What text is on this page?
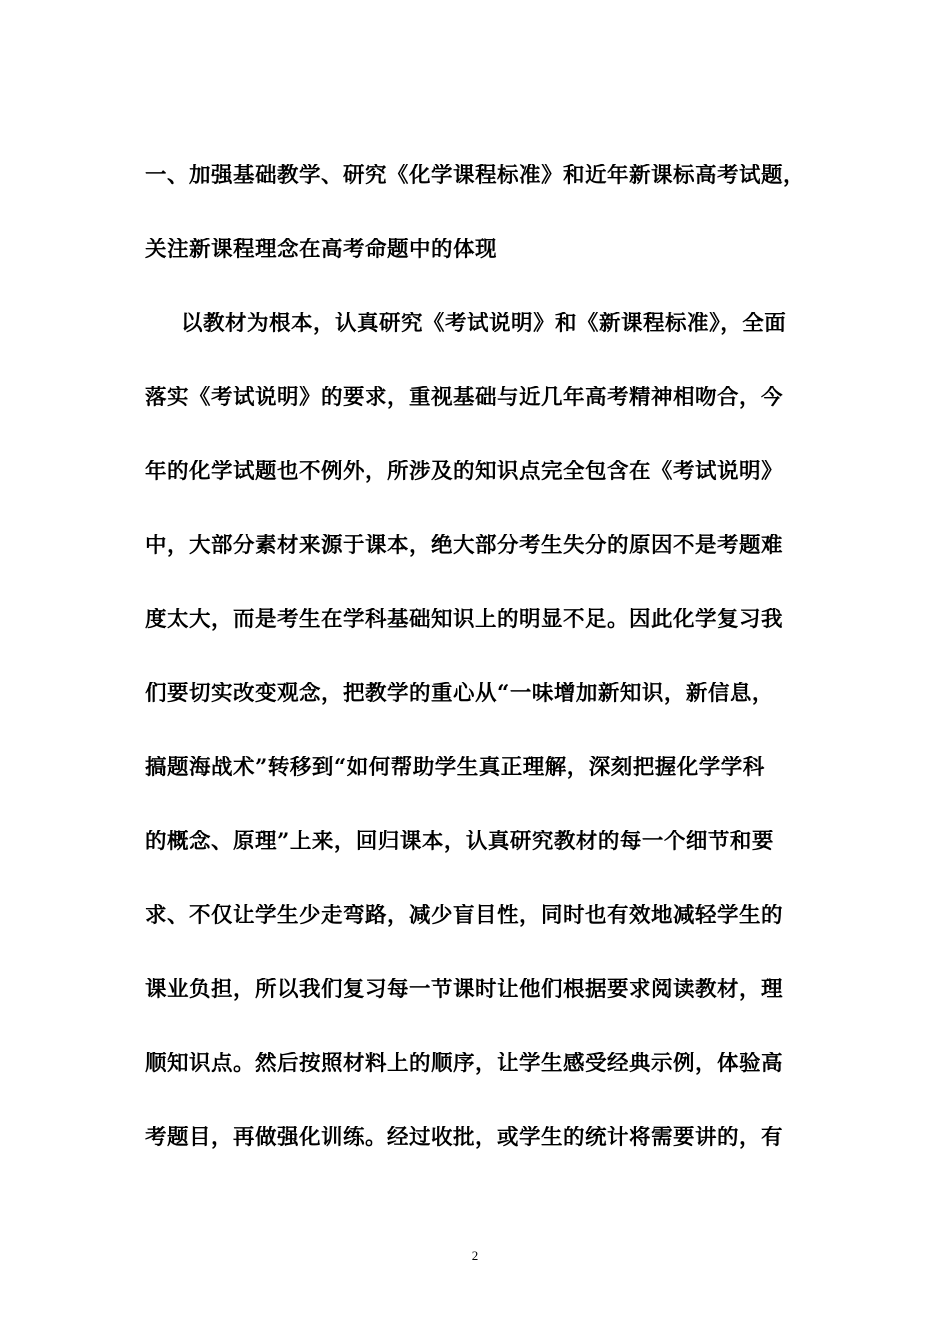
一、加强基础教学、研究《化学课程标准》和近年新课标高考试题，

关注新课程理念在高考命题中的体现

以教材为根本，认真研究《考试说明》和《新课程标准》，全面

落实《考试说明》的要求，重视基础与近几年高考精神相吻合，今

年的化学试题也不例外，所涉及的知识点完全包含在《考试说明》

中，大部分素材来源于课本，绝大部分考生失分的原因不是考题难

度太大，而是考生在学科基础知识上的明显不足。因此化学复习我

们要切实改变观念，把教学的重心从“一味增加新知识，新信息，

搞题海战术”转移到“如何帮助学生真正理解，深刻把握化学学科

的概念、原理”上来，回归课本，认真研究教材的每一个细节和要

求、不仅让学生少走弯路，减少盲目性，同时也有效地减轻学生的

课业负担，所以我们复习每一节课时让他们根据要求阅读教材，理

顺知识点。然后按照材料上的顺序，让学生感受经典示例，体验高

考题目，再做强化训练。经过收批，或学生的统计将需要讲的，有

2
